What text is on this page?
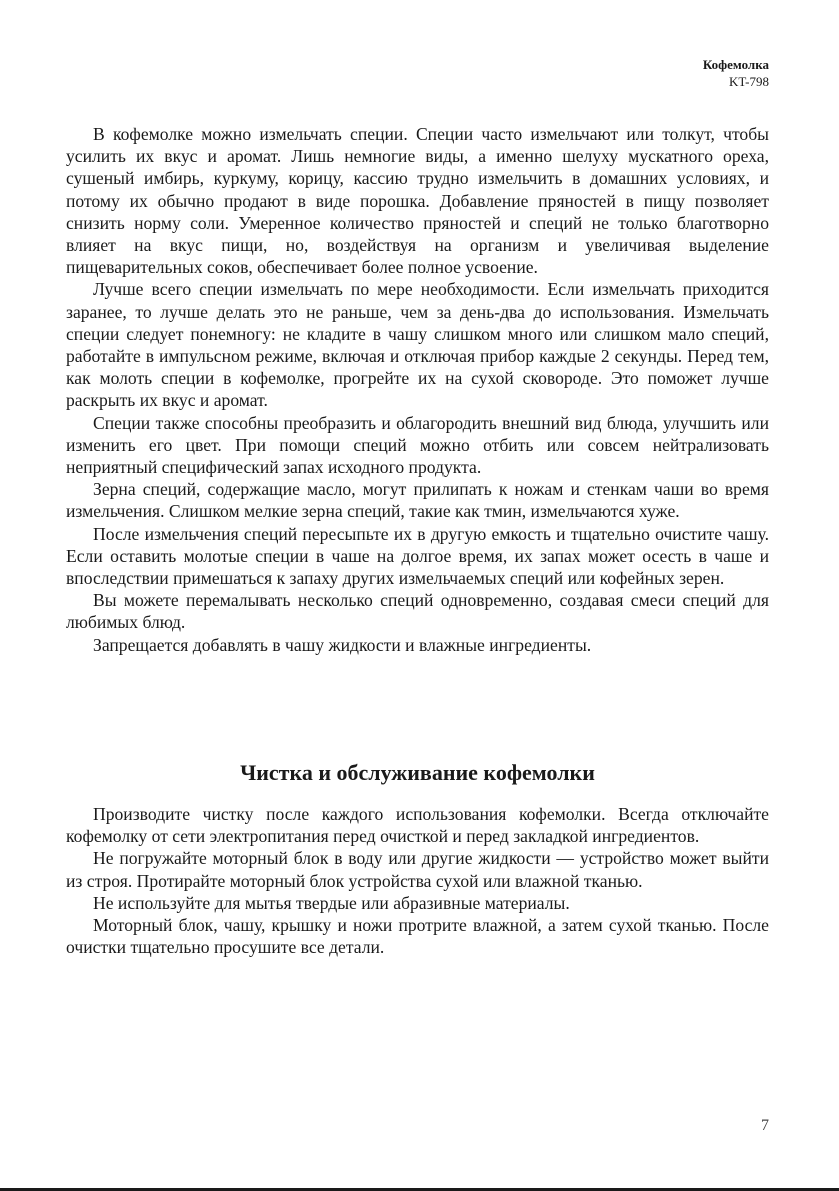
Кофемолка
KT-798

В кофемолке можно измельчать специи. Специи часто измельчают или толкут, чтобы усилить их вкус и аромат. Лишь немногие виды, а именно шелуху мускатного ореха, сушеный имбирь, куркуму, корицу, кассию трудно измельчить в домашних условиях, и потому их обычно продают в виде порошка. Добавление пряностей в пищу позволяет снизить норму соли. Умеренное количество пряностей и специй не только благотворно влияет на вкус пищи, но, воздействуя на организм и увеличивая выделение пищеварительных соков, обеспечивает более полное усвоение.

Лучше всего специи измельчать по мере необходимости. Если измельчать приходится заранее, то лучше делать это не раньше, чем за день-два до использования. Измельчать специи следует понемногу: не кладите в чашу слишком много или слишком мало специй, работайте в импульсном режиме, включая и отключая прибор каждые 2 секунды. Перед тем, как молоть специи в кофемолке, прогрейте их на сухой сковороде. Это поможет лучше раскрыть их вкус и аромат.

Специи также способны преобразить и облагородить внешний вид блюда, улучшить или изменить его цвет. При помощи специй можно отбить или совсем нейтрализовать неприятный специфический запах исходного продукта.

Зерна специй, содержащие масло, могут прилипать к ножам и стенкам чаши во время измельчения. Слишком мелкие зерна специй, такие как тмин, измельчаются хуже.

После измельчения специй пересыпьте их в другую емкость и тщательно очистите чашу. Если оставить молотые специи в чаше на долгое время, их запах может осесть в чаше и впоследствии примешаться к запаху других измельчаемых специй или кофейных зерен.

Вы можете перемалывать несколько специй одновременно, создавая смеси специй для любимых блюд.

Запрещается добавлять в чашу жидкости и влажные ингредиенты.

Чистка и обслуживание кофемолки

Производите чистку после каждого использования кофемолки. Всегда отключайте кофемолку от сети электропитания перед очисткой и перед закладкой ингредиентов.

Не погружайте моторный блок в воду или другие жидкости — устройство может выйти из строя. Протирайте моторный блок устройства сухой или влажной тканью.

Не используйте для мытья твердые или абразивные материалы.

Моторный блок, чашу, крышку и ножи протрите влажной, а затем сухой тканью. После очистки тщательно просушите все детали.

7
